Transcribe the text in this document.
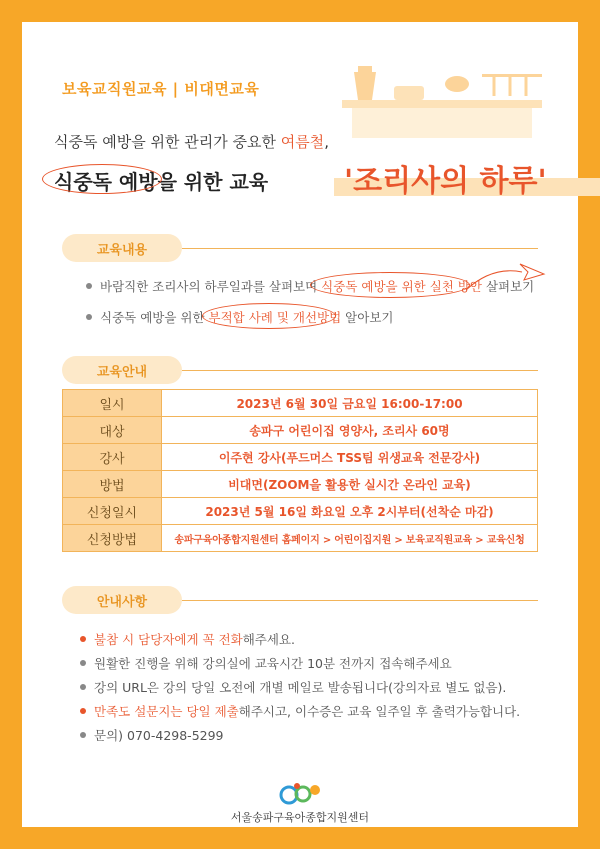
보육교직원교육 | 비대면교육
식중독 예방을 위한 관리가 중요한 여름철,
식중독 예방을 위한 교육	'조리사의 하루'
교육내용
바람직한 조리사의 하루일과를 살펴보며 식중독 예방을 위한 실천 방안 살펴보기
식중독 예방을 위한 부적합 사례 및 개선방법 알아보기
교육안내
일시	2023년 6월 30일 금요일 16:00-17:00
대상	송파구 어린이집 영양사, 조리사 60명
강사	이주현 강사(푸드머스 TSS팀 위생교육 전문강사)
방법	비대면(ZOOM을 활용한 실시간 온라인 교육)
신청일시	2023년 5월 16일 화요일 오후 2시부터(선착순 마감)
신청방법	송파구육아종합지원센터 홈페이지 > 어린이집지원 > 보육교직원교육 > 교육신청
안내사항
불참 시 담당자에게 꼭 전화해주세요.
원활한 진행을 위해 강의실에 교육시간 10분 전까지 접속해주세요
강의 URL은 강의 당일 오전에 개별 메일로 발송됩니다(강의자료 별도 없음).
만족도 설문지는 당일 제출해주시고, 이수증은 교육 일주일 후 출력가능합니다.
문의) 070-4298-5299
서울송파구육아종합지원센터
